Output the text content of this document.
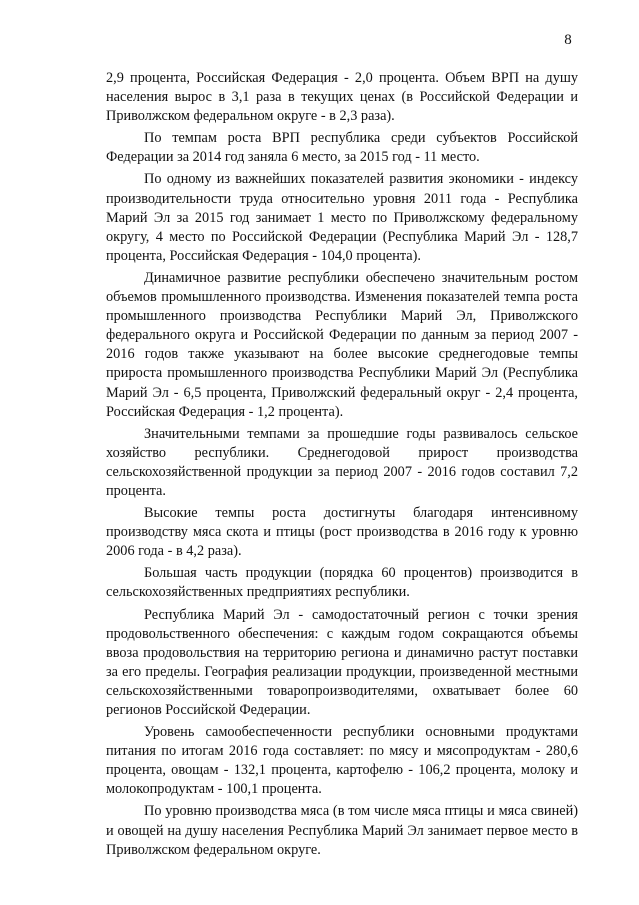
8

2,9 процента, Российская Федерация - 2,0 процента. Объем ВРП на душу населения вырос в 3,1 раза в текущих ценах (в Российской Федерации и Приволжском федеральном округе - в 2,3 раза).

По темпам роста ВРП республика среди субъектов Российской Федерации за 2014 год заняла 6 место, за 2015 год - 11 место.

По одному из важнейших показателей развития экономики - индексу производительности труда относительно уровня 2011 года - Республика Марий Эл за 2015 год занимает 1 место по Приволжскому федеральному округу, 4 место по Российской Федерации (Республика Марий Эл - 128,7 процента, Российская Федерация - 104,0 процента).

Динамичное развитие республики обеспечено значительным ростом объемов промышленного производства. Изменения показателей темпа роста промышленного производства Республики Марий Эл, Приволжского федерального округа и Российской Федерации по данным за период 2007 - 2016 годов также указывают на более высокие среднегодовые темпы прироста промышленного производства Республики Марий Эл (Республика Марий Эл - 6,5 процента, Приволжский федеральный округ - 2,4 процента, Российская Федерация - 1,2 процента).

Значительными темпами за прошедшие годы развивалось сельское хозяйство республики. Среднегодовой прирост производства сельскохозяйственной продукции за период 2007 - 2016 годов составил 7,2 процента.

Высокие темпы роста достигнуты благодаря интенсивному производству мяса скота и птицы (рост производства в 2016 году к уровню 2006 года - в 4,2 раза).

Большая часть продукции (порядка 60 процентов) производится в сельскохозяйственных предприятиях республики.

Республика Марий Эл - самодостаточный регион с точки зрения продовольственного обеспечения: с каждым годом сокращаются объемы ввоза продовольствия на территорию региона и динамично растут поставки за его пределы. География реализации продукции, произведенной местными сельскохозяйственными товаропроизводителями, охватывает более 60 регионов Российской Федерации.

Уровень самообеспеченности республики основными продуктами питания по итогам 2016 года составляет: по мясу и мясопродуктам - 280,6 процента, овощам - 132,1 процента, картофелю - 106,2 процента, молоку и молокопродуктам - 100,1 процента.

По уровню производства мяса (в том числе мяса птицы и мяса свиней) и овощей на душу населения Республика Марий Эл занимает первое место в Приволжском федеральном округе.
